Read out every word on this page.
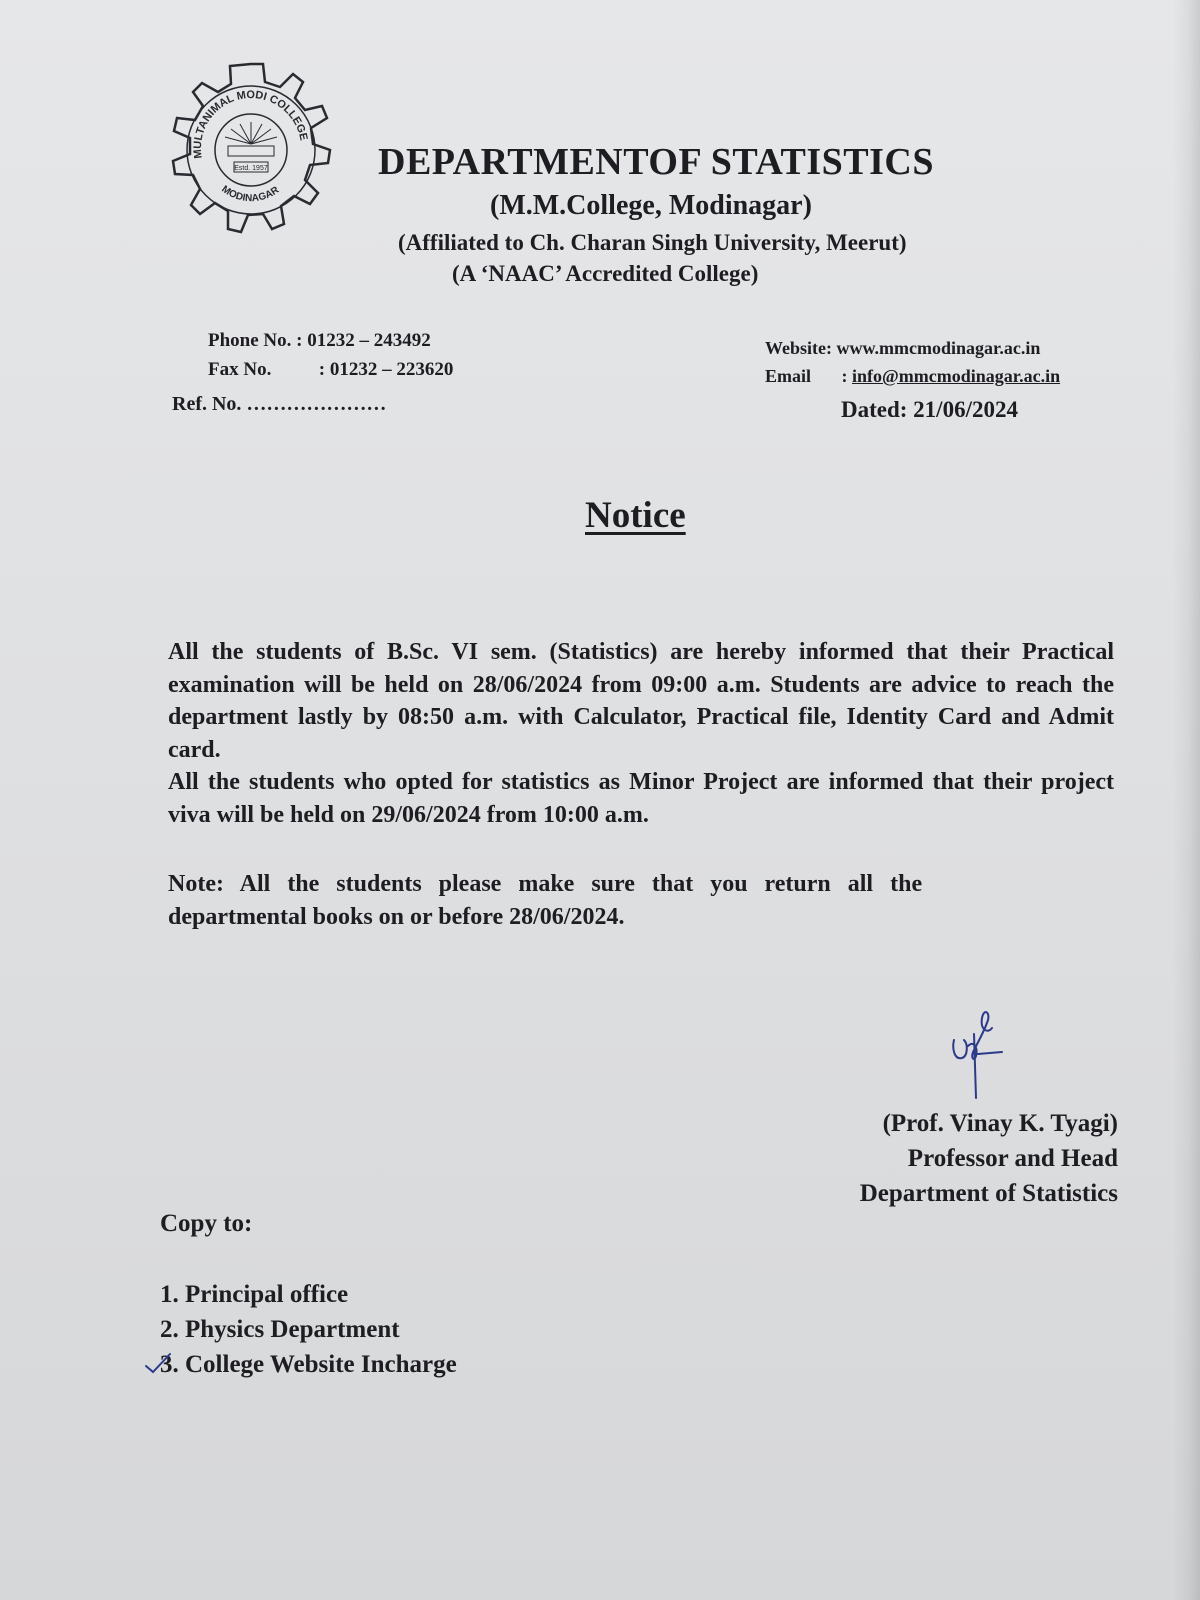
MULTANIMAL MODI COLLEGE
MODINAGAR
Estd. 1957	DEPARTMENTOF STATISTICS
(M.M.College, Modinagar)
(Affiliated to Ch. Charan Singh University, Meerut)
(A ‘NAAC’ Accredited College)
Phone No. : 01232 – 243492
Fax No. : 01232 – 223620
Website: www.mmcmodinagar.ac.in
Email : info@mmcmodinagar.ac.in
Ref. No. …………………	Dated: 21/06/2024
Notice

All the students of B.Sc. VI sem. (Statistics) are hereby informed that their Practical examination will be held on 28/06/2024 from 09:00 a.m. Students are advice to reach the department lastly by 08:50 a.m. with Calculator, Practical file, Identity Card and Admit card.

All the students who opted for statistics as Minor Project are informed that their project viva will be held on 29/06/2024 from 10:00 a.m.

Note: All the students please make sure that you return all the
departmental books on or before 28/06/2024.
(Prof. Vinay K. Tyagi)
Professor and Head
Department of Statistics
Copy to:
1. Principal office
2. Physics Department
3. College Website Incharge
